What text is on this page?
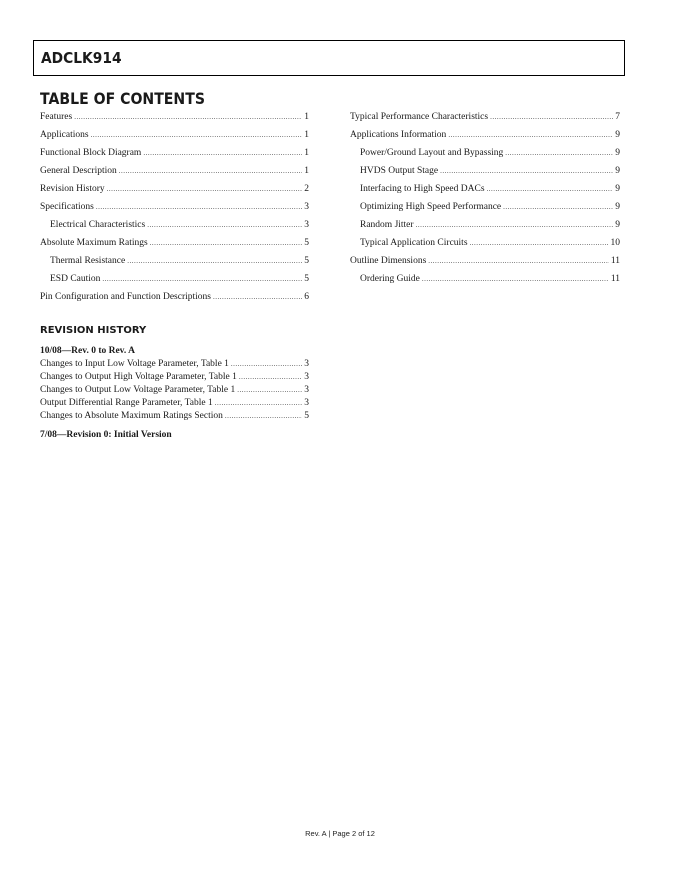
ADCLK914
TABLE OF CONTENTS
Features .....	1
Applications .....	1
Functional Block Diagram .....	1
General Description .....	1
Revision History .....	2
Specifications .....	3
Electrical Characteristics .....	3
Absolute Maximum Ratings .....	5
Thermal Resistance .....	5
ESD Caution .....	5
Pin Configuration and Function Descriptions .....	6
Typical Performance Characteristics .....	7
Applications Information .....	9
Power/Ground Layout and Bypassing .....	9
HVDS Output Stage .....	9
Interfacing to High Speed DACs .....	9
Optimizing High Speed Performance .....	9
Random Jitter .....	9
Typical Application Circuits .....	10
Outline Dimensions .....	11
Ordering Guide .....	11
REVISION HISTORY
10/08—Rev. 0 to Rev. A
Changes to Input Low Voltage Parameter, Table 1 .....	3
Changes to Output High Voltage Parameter, Table 1 .....	3
Changes to Output Low Voltage Parameter, Table 1 .....	3
Output Differential Range Parameter, Table 1 .....	3
Changes to Absolute Maximum Ratings Section .....	5
7/08—Revision 0: Initial Version
Rev. A | Page 2 of 12
